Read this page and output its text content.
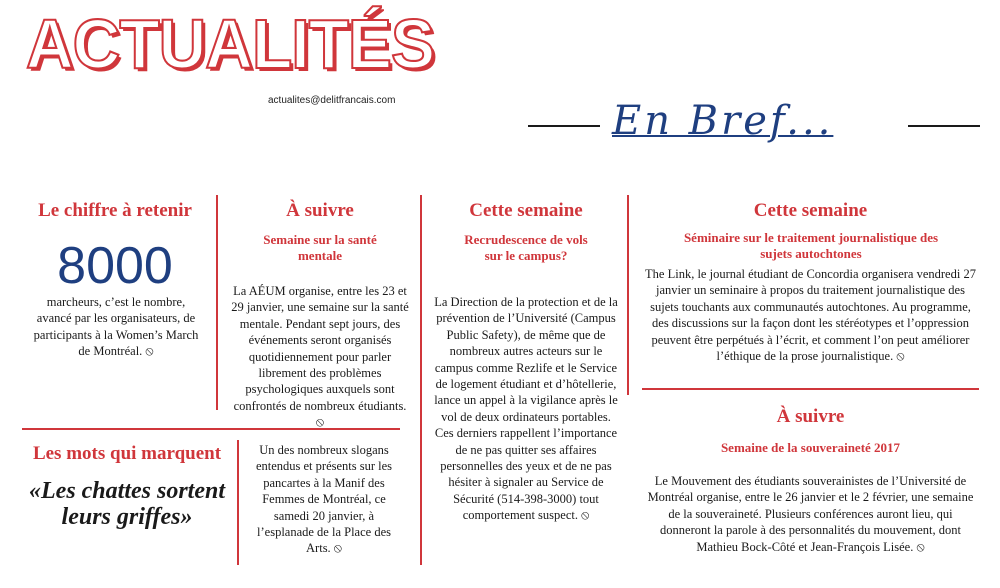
ACTUALITÉS
actualites@delitfrancais.com	En Bref...
Le chiffre à retenir
8000
marcheurs, c’est le nombre, avancé par les organisateurs, de participants à la Women’s March de Montréal. ⦸
À suivre
Semaine sur la santé mentale
La AÉUM organise, entre les 23 et 29 janvier, une semaine sur la santé mentale. Pendant sept jours, des événements seront organisés quotidiennement pour parler librement des problèmes psychologiques auxquels sont confrontés de nombreux étudiants. ⦸
Les mots qui marquent
«Les chattes sortent leurs griffes»
Un des nombreux slogans entendus et présents sur les pancartes à la Manif des Femmes de Montréal, ce samedi 20 janvier, à l’esplanade de la Place des Arts. ⦸
Cette semaine
Recrudescence de vols sur le campus?
La Direction de la protection et de la prévention de l’Université (Campus Public Safety), de même que de nombreux autres acteurs sur le campus comme Rezlife et le Service de logement étudiant et d’hôtellerie, lance un appel à la vigilance après le vol de deux ordinateurs portables. Ces derniers rappellent l’importance de ne pas quitter ses affaires personnelles des yeux et de ne pas hésiter à signaler au Service de Sécurité (514-398-3000) tout comportement suspect. ⦸
Cette semaine
Séminaire sur le traitement journalistique des sujets autochtones
The Link, le journal étudiant de Concordia organisera vendredi 27 janvier un seminaire à propos du traitement journalistique des sujets touchants aux communautés autochtones. Au programme, des discussions sur la façon dont les stéréotypes et l’oppression peuvent être perpétués à l’écrit, et comment l’on peut améliorer l’éthique de la prose journalistique. ⦸
À suivre
Semaine de la souveraineté 2017
Le Mouvement des étudiants souverainistes de l’Université de Montréal organise, entre le 26 janvier et le 2 février, une semaine de la souveraineté. Plusieurs conférences auront lieu, qui donneront la parole à des personnalités du mouvement, dont Mathieu Bock-Côté et Jean-François Lisée. ⦸
